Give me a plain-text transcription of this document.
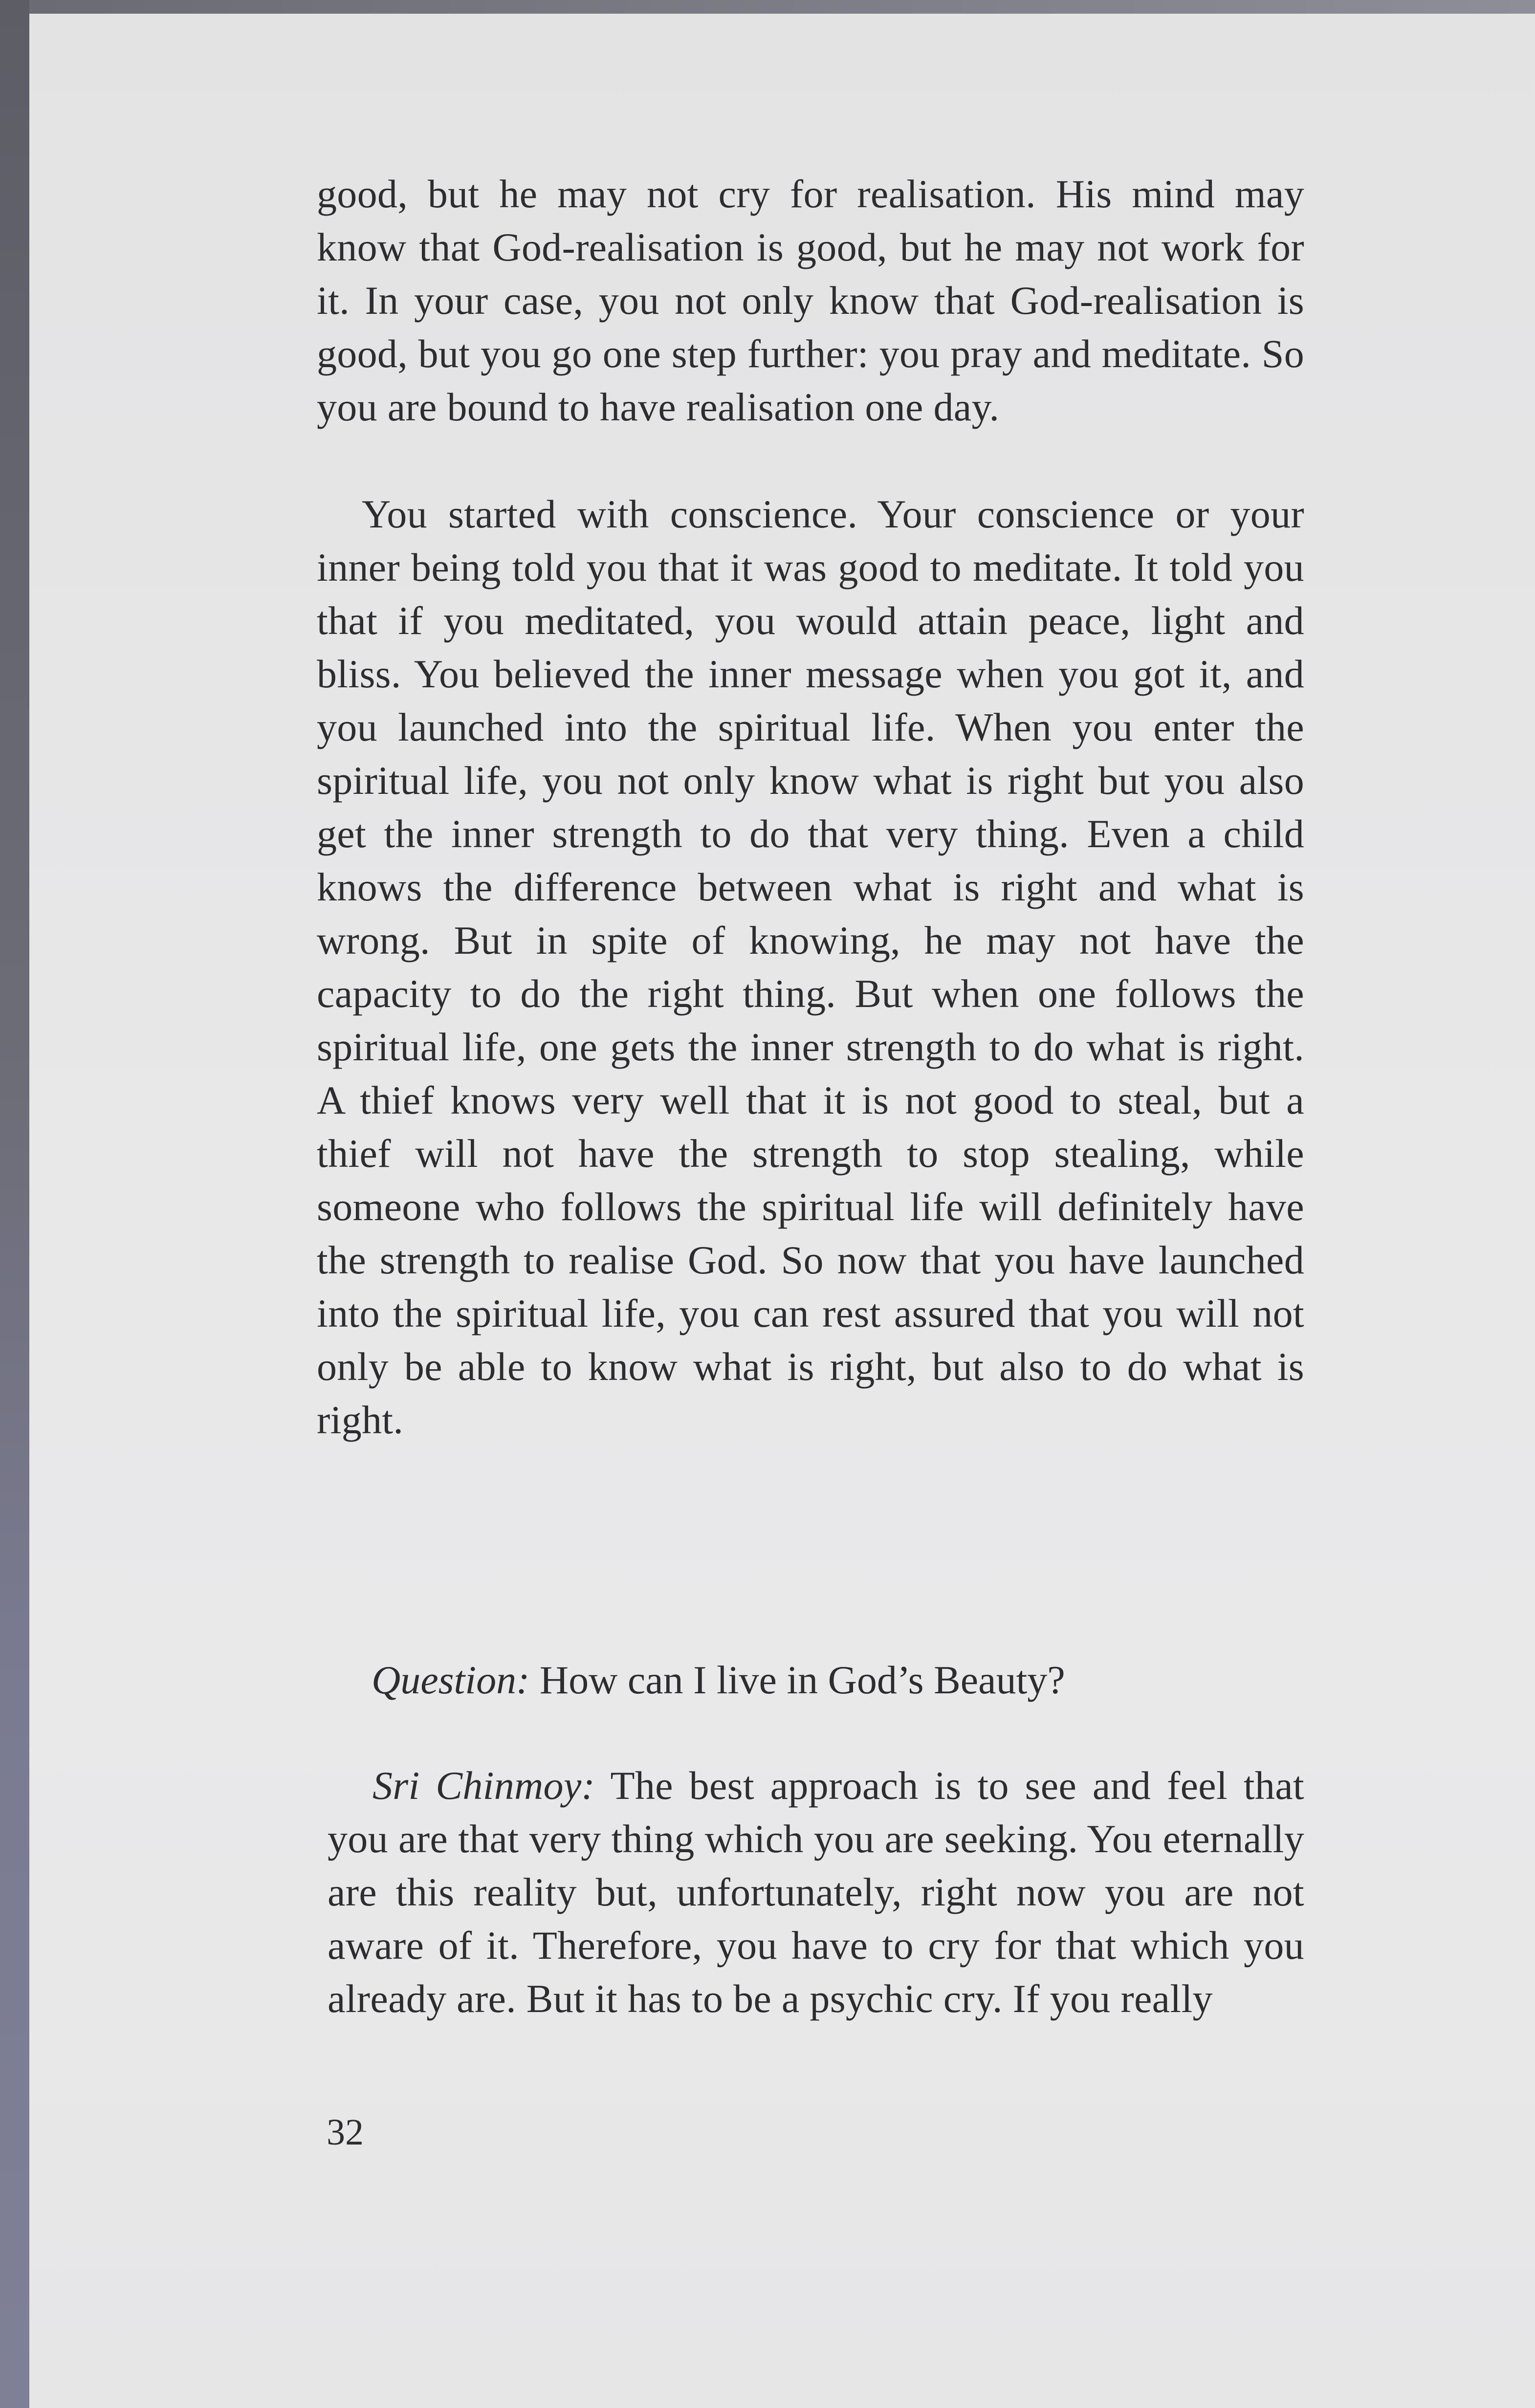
good, but he may not cry for realisation. His mind may know that God-realisation is good, but he may not work for it. In your case, you not only know that God-realisation is good, but you go one step further: you pray and meditate. So you are bound to have realisation one day.

You started with conscience. Your conscience or your inner being told you that it was good to meditate. It told you that if you meditated, you would attain peace, light and bliss. You believed the inner message when you got it, and you launched into the spiritual life. When you enter the spiritual life, you not only know what is right but you also get the inner strength to do that very thing. Even a child knows the difference between what is right and what is wrong. But in spite of knowing, he may not have the capacity to do the right thing. But when one follows the spiritual life, one gets the inner strength to do what is right. A thief knows very well that it is not good to steal, but a thief will not have the strength to stop stealing, while someone who follows the spiritual life will definitely have the strength to realise God. So now that you have launched into the spiritual life, you can rest assured that you will not only be able to know what is right, but also to do what is right.

Question: How can I live in God’s Beauty?

Sri Chinmoy: The best approach is to see and feel that you are that very thing which you are seeking. You eternally are this reality but, unfortunately, right now you are not aware of it. Therefore, you have to cry for that which you already are. But it has to be a psychic cry. If you really

32
